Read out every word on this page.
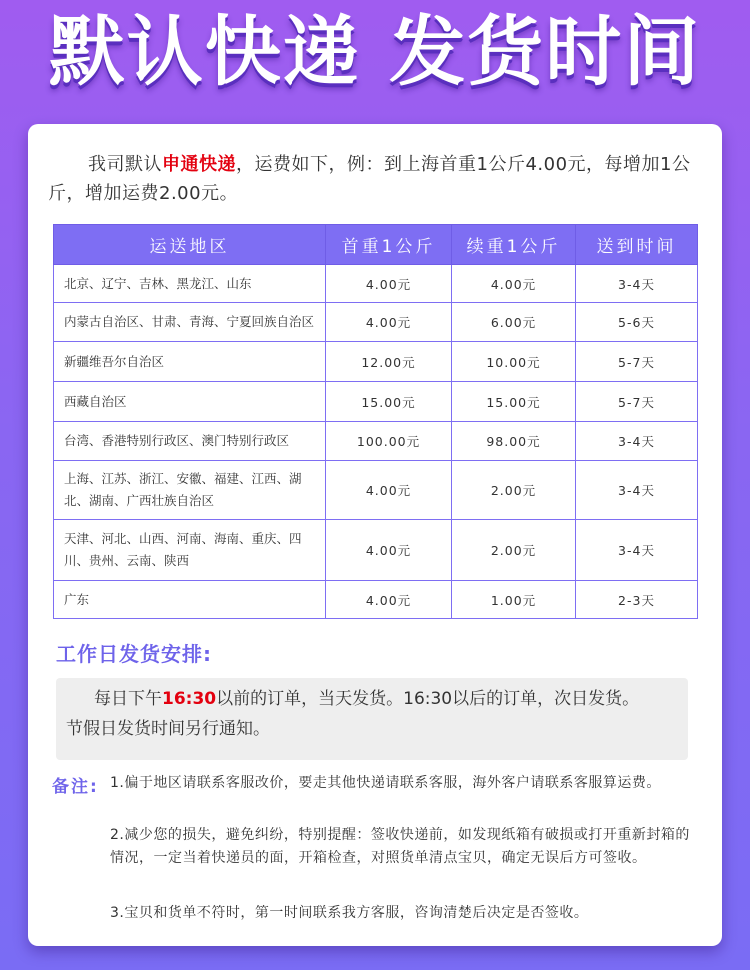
默认快递 发货时间
我司默认申通快递，运费如下，例：到上海首重1公斤4.00元，每增加1公斤，增加运费2.00元。
运送地区	首重1公斤	续重1公斤	送到时间
北京、辽宁、吉林、黑龙江、山东	4.00元	4.00元	3-4天
内蒙古自治区、甘肃、青海、宁夏回族自治区	4.00元	6.00元	5-6天
新疆维吾尔自治区	12.00元	10.00元	5-7天
西藏自治区	15.00元	15.00元	5-7天
台湾、香港特别行政区、澳门特别行政区	100.00元	98.00元	3-4天
上海、江苏、浙江、安徽、福建、江西、湖北、湖南、广西壮族自治区	4.00元	2.00元	3-4天
天津、河北、山西、河南、海南、重庆、四川、贵州、云南、陕西	4.00元	2.00元	3-4天
广东	4.00元	1.00元	2-3天
工作日发货安排:
每日下午16:30以前的订单，当天发货。16:30以后的订单，次日发货。
节假日发货时间另行通知。
备注: 1.偏于地区请联系客服改价，要走其他快递请联系客服，海外客户请联系客服算运费。
2.减少您的损失，避免纠纷，特别提醒：签收快递前，如发现纸箱有破损或打开重新封箱的情况，一定当着快递员的面，开箱检查，对照货单清点宝贝，确定无误后方可签收。
3.宝贝和货单不符时，第一时间联系我方客服，咨询清楚后决定是否签收。
